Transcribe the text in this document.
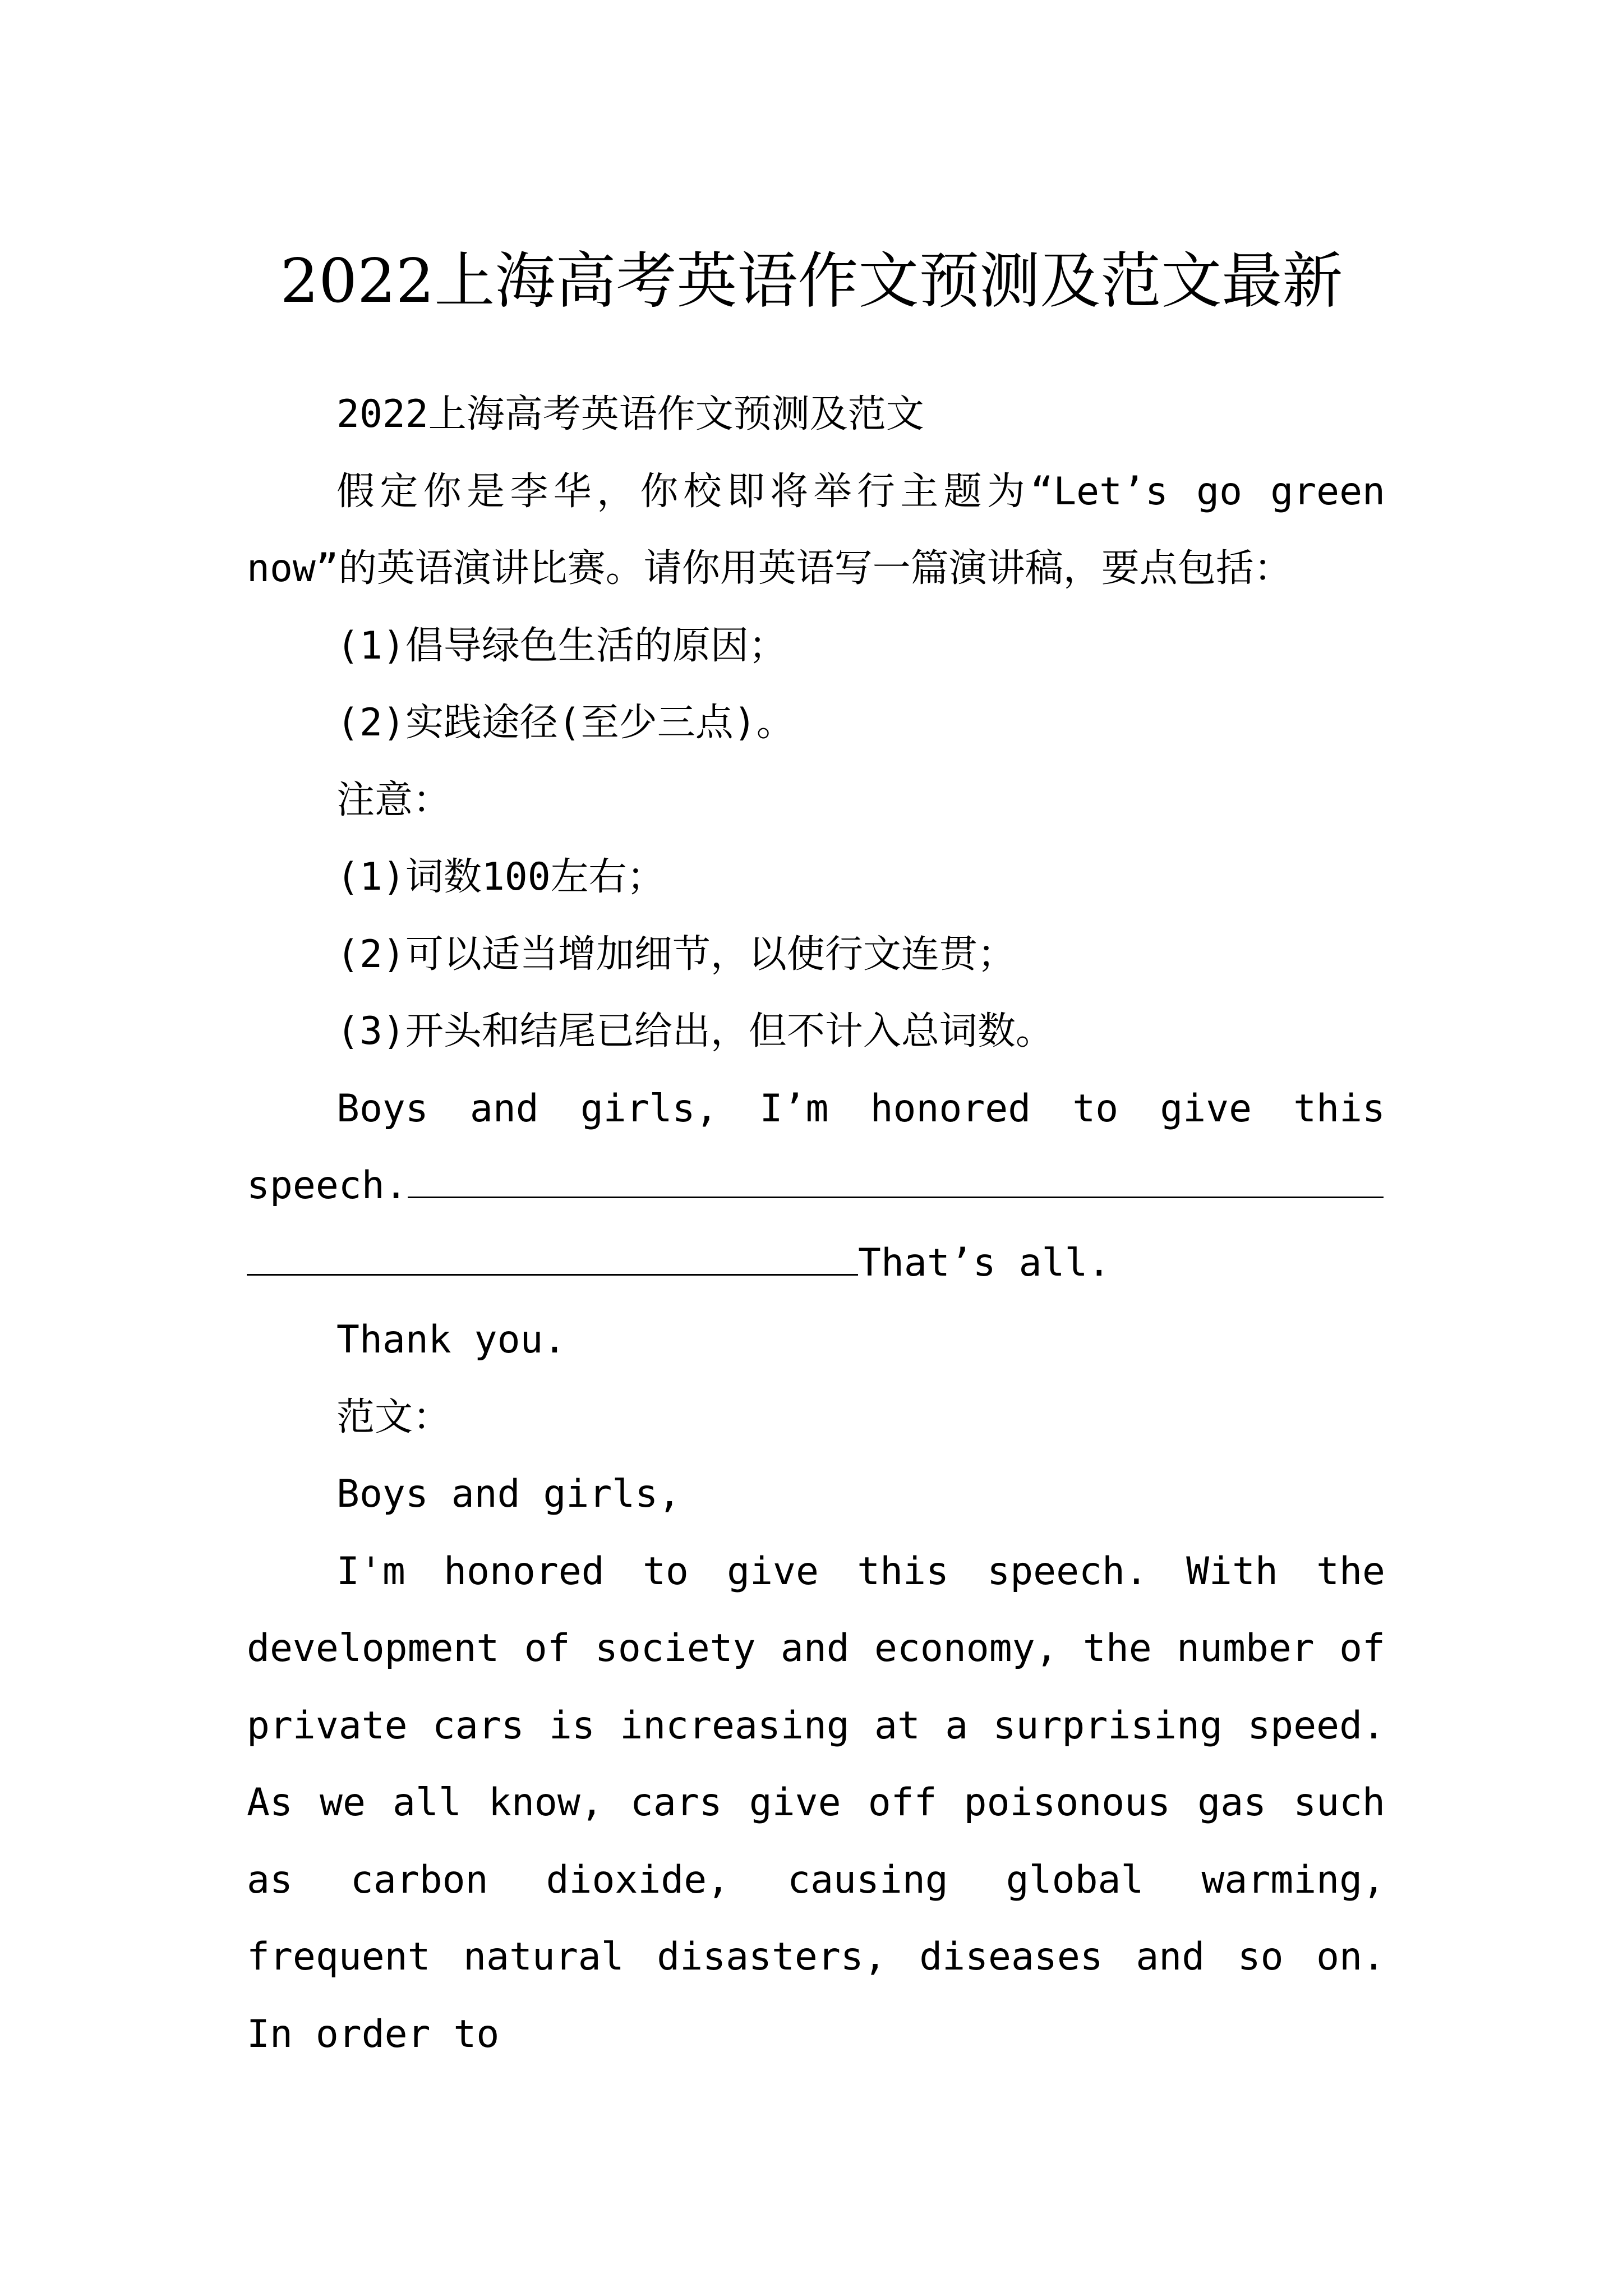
2022上海高考英语作文预测及范文最新

2022上海高考英语作文预测及范文

假定你是李华，你校即将举行主题为“Let’s go green now”的英语演讲比赛。请你用英语写一篇演讲稿，要点包括：

(1)倡导绿色生活的原因；

(2)实践途径(至少三点)。

注意：

(1)词数100左右；

(2)可以适当增加细节，以使行文连贯；

(3)开头和结尾已给出，但不计入总词数。

Boys and girls, I’m honored to give this speech.
That’s all.

Thank you.

范文：

Boys and girls,

I'm honored to give this speech. With the development of society and economy, the number of private cars is increasing at a surprising speed. As we all know, cars give off poisonous gas such as carbon dioxide, causing global warming, frequent natural disasters, diseases and so on. In order to
